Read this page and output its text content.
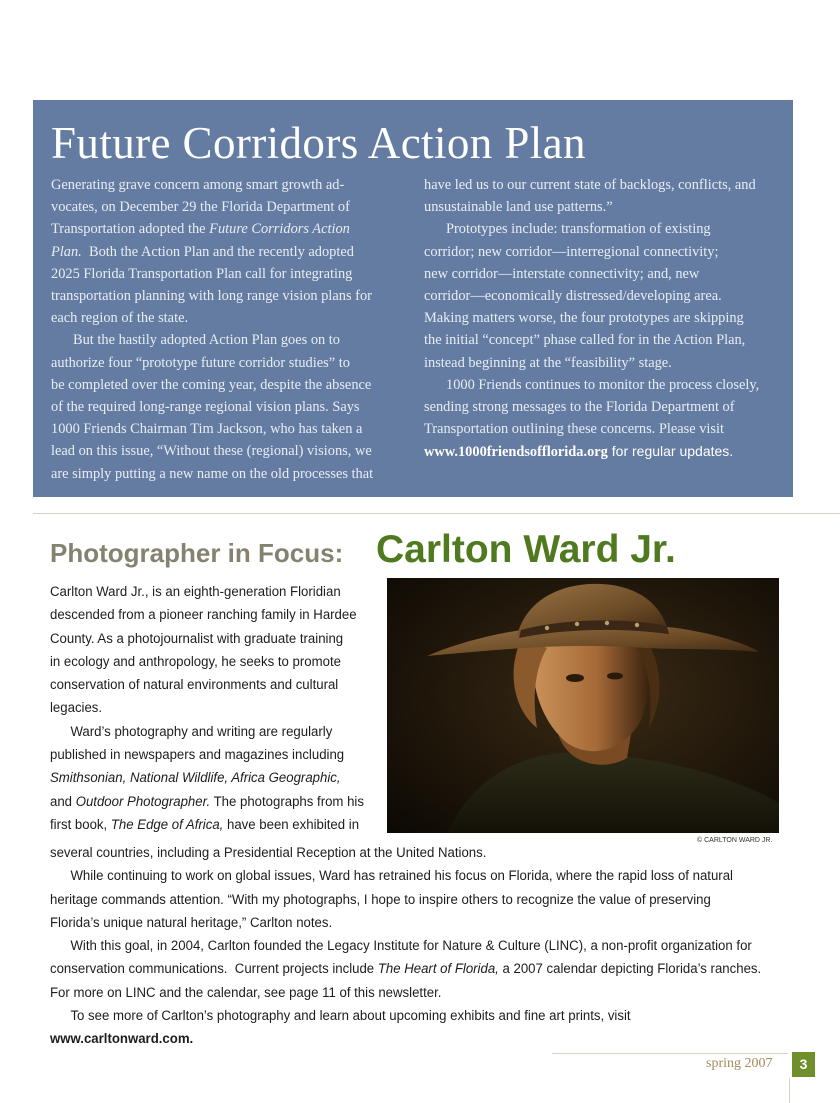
Future Corridors Action Plan

Generating grave concern among smart growth ad-
vocates, on December 29 the Florida Department of
Transportation adopted the Future Corridors Action
Plan.  Both the Action Plan and the recently adopted
2025 Florida Transportation Plan call for integrating
transportation planning with long range vision plans for
each region of the state.

But the hastily adopted Action Plan goes on to
authorize four “prototype future corridor studies” to
be completed over the coming year, despite the absence
of the required long-range regional vision plans. Says
1000 Friends Chairman Tim Jackson, who has taken a
lead on this issue, “Without these (regional) visions, we
are simply putting a new name on the old processes that

have led us to our current state of backlogs, conflicts, and
unsustainable land use patterns.”

Prototypes include: transformation of existing
corridor; new corridor—interregional connectivity;
new corridor—interstate connectivity; and, new
corridor—economically distressed/developing area.
Making matters worse, the four prototypes are skipping
the initial “concept” phase called for in the Action Plan,
instead beginning at the “feasibility” stage.

1000 Friends continues to monitor the process closely,
sending strong messages to the Florida Department of
Transportation outlining these concerns. Please visit
www.1000friendsofflorida.org for regular updates.

Photographer in Focus: Carlton Ward Jr.
© CARLTON WARD JR.
Carlton Ward Jr., is an eighth-generation Floridian
descended from a pioneer ranching family in Hardee
County. As a photojournalist with graduate training
in ecology and anthropology, he seeks to promote
conservation of natural environments and cultural
legacies.
Ward’s photography and writing are regularly
published in newspapers and magazines including
Smithsonian, National Wildlife, Africa Geographic,
and Outdoor Photographer. The photographs from his
first book, The Edge of Africa, have been exhibited in
several countries, including a Presidential Reception at the United Nations.
While continuing to work on global issues, Ward has retrained his focus on Florida, where the rapid loss of natural
heritage commands attention. “With my photographs, I hope to inspire others to recognize the value of preserving
Florida’s unique natural heritage,” Carlton notes.
With this goal, in 2004, Carlton founded the Legacy Institute for Nature & Culture (LINC), a non-profit organization for
conservation communications.  Current projects include The Heart of Florida, a 2007 calendar depicting Florida’s ranches.
For more on LINC and the calendar, see page 11 of this newsletter.
To see more of Carlton’s photography and learn about upcoming exhibits and fine art prints, visit
www.carltonward.com.
spring 2007	3
